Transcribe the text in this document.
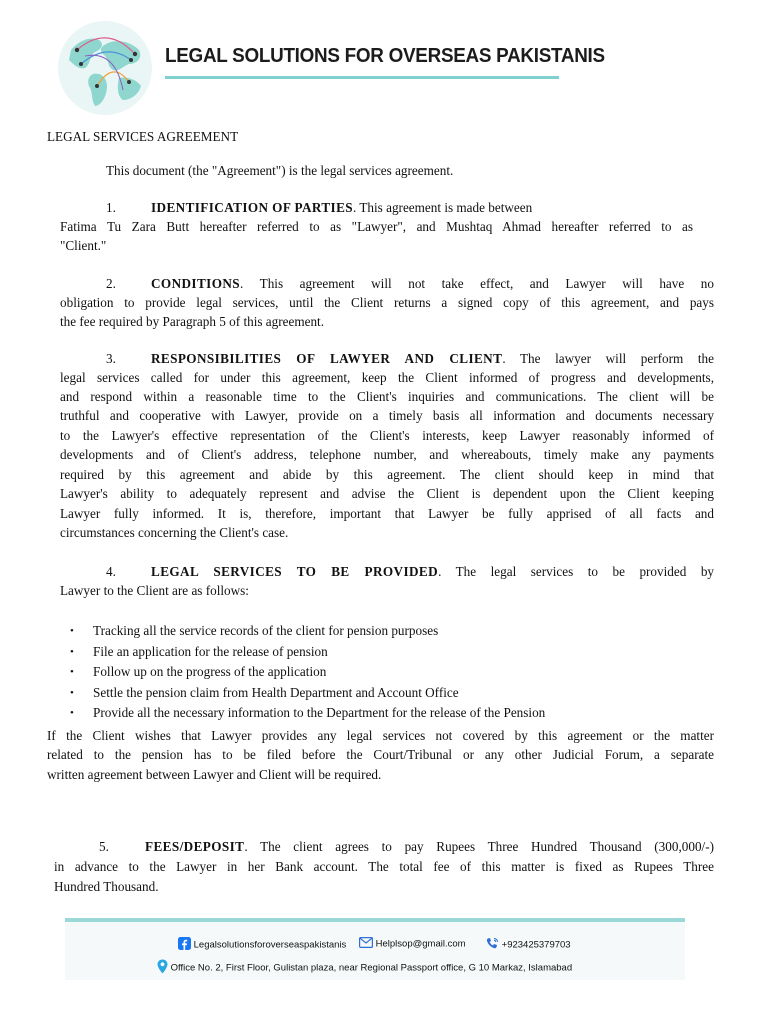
LEGAL SOLUTIONS FOR OVERSEAS PAKISTANIS
LEGAL SERVICES AGREEMENT
This document (the "Agreement") is the legal services agreement.
1.	IDENTIFICATION OF PARTIES. This agreement is made between
Fatima Tu Zara Butt hereafter referred to as "Lawyer", and Mushtaq Ahmad hereafter referred to as
"Client."
2.	CONDITIONS. This agreement will not take effect, and Lawyer will have no
obligation to provide legal services, until the Client returns a signed copy of this agreement, and pays
the fee required by Paragraph 5 of this agreement.
3.	RESPONSIBILITIES OF LAWYER AND CLIENT. The lawyer will perform the
legal services called for under this agreement, keep the Client informed of progress and developments,
and respond within a reasonable time to the Client's inquiries and communications. The client will be
truthful and cooperative with Lawyer, provide on a timely basis all information and documents necessary
to the Lawyer's effective representation of the Client's interests, keep Lawyer reasonably informed of
developments and of Client's address, telephone number, and whereabouts, timely make any payments
required by this agreement and abide by this agreement. The client should keep in mind that
Lawyer's ability to adequately represent and advise the Client is dependent upon the Client keeping
Lawyer fully informed. It is, therefore, important that Lawyer be fully apprised of all facts and
circumstances concerning the Client's case.
4.	LEGAL SERVICES TO BE PROVIDED. The legal services to be provided by
Lawyer to the Client are as follows:
• Tracking all the service records of the client for pension purposes
• File an application for the release of pension
• Follow up on the progress of the application
• Settle the pension claim from Health Department and Account Office
• Provide all the necessary information to the Department for the release of the Pension
If the Client wishes that Lawyer provides any legal services not covered by this agreement or the matter
related to the pension has to be filed before the Court/Tribunal or any other Judicial Forum, a separate
written agreement between Lawyer and Client will be required.
5.	FEES/DEPOSIT. The client agrees to pay Rupees Three Hundred Thousand (300,000/-)
in advance to the Lawyer in her Bank account. The total fee of this matter is fixed as Rupees Three
Hundred Thousand.
Legalsolutionsforoverseaspakistanis	Helplsop@gmail.com	+923425379703
Office No. 2, First Floor, Gulistan plaza, near Regional Passport office, G 10 Markaz, Islamabad
